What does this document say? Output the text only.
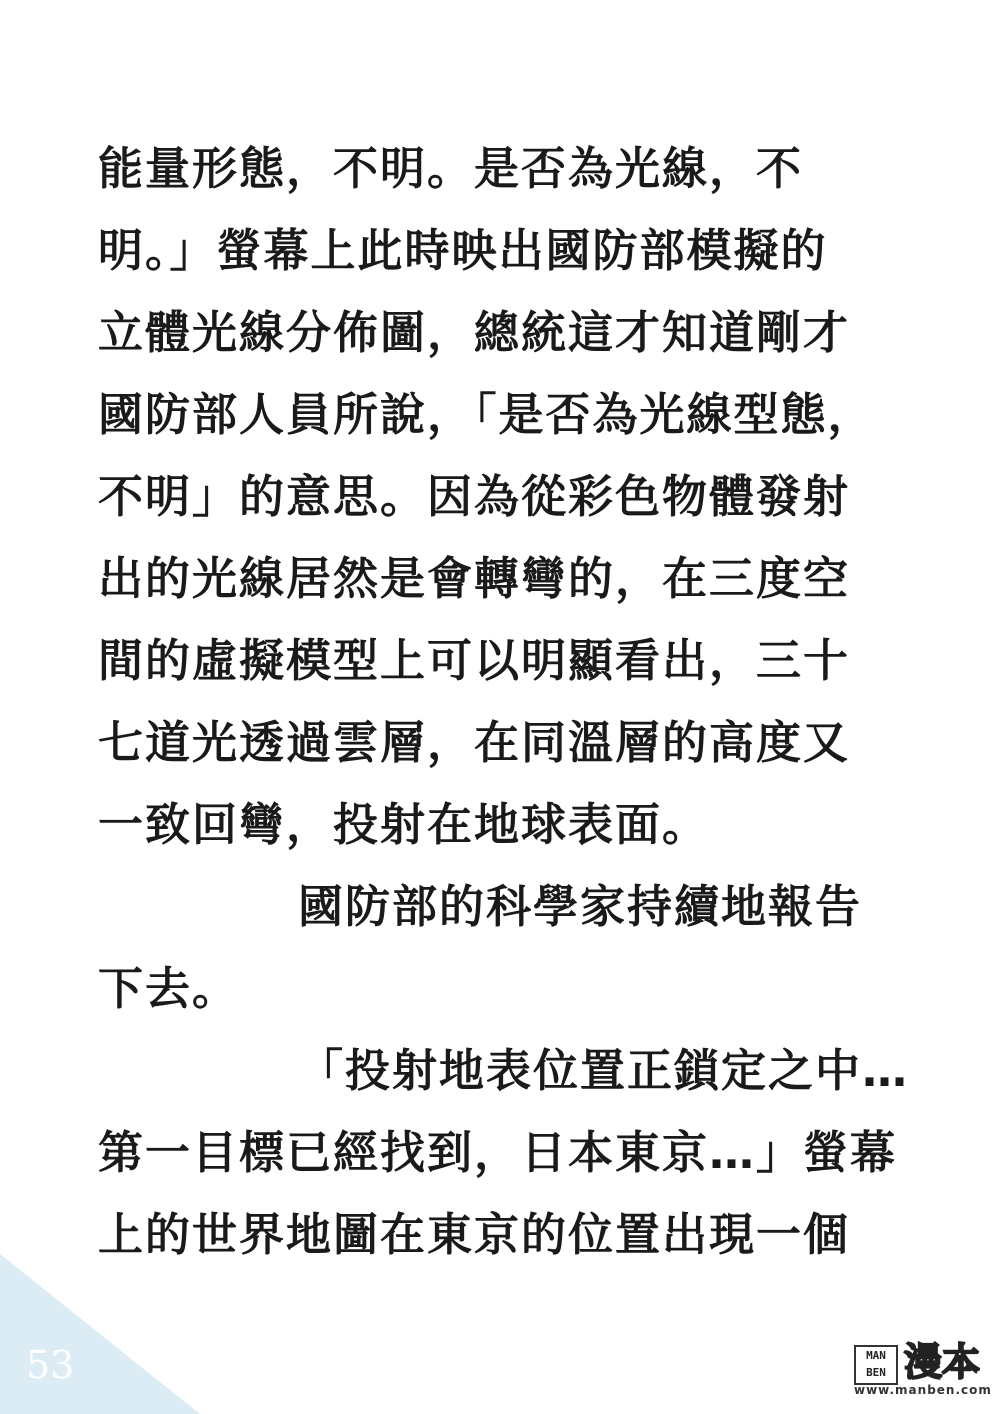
能量形態，不明。是否為光線，不
明。」螢幕上此時映出國防部模擬的
立體光線分佈圖，總統這才知道剛才
國防部人員所說，「是否為光線型態，
不明」的意思。因為從彩色物體發射
出的光線居然是會轉彎的，在三度空
間的虛擬模型上可以明顯看出，三十
七道光透過雲層，在同溫層的高度又
一致回彎，投射在地球表面。
國防部的科學家持續地報告
下去。
「投射地表位置正鎖定之中…
第一目標已經找到，日本東京…」螢幕
上的世界地圖在東京的位置出現一個
53	MAN
BEN 漫本
www.manben.com
